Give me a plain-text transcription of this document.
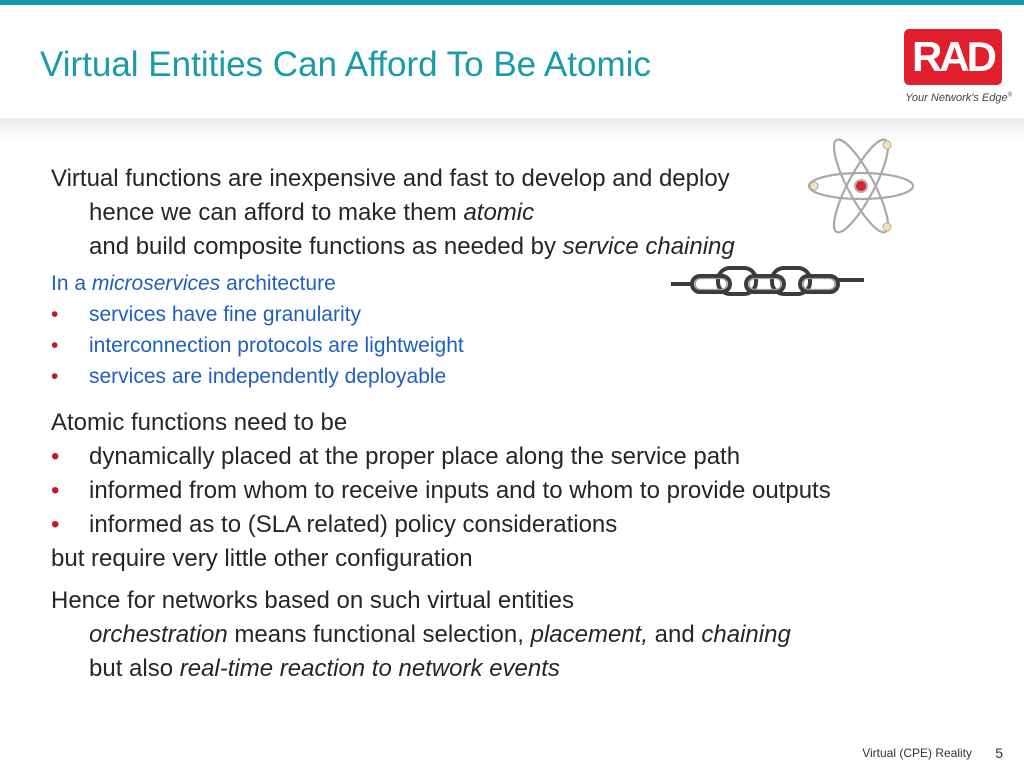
Virtual Entities Can Afford To Be Atomic	RAD
Your Network's Edge®

Virtual functions are inexpensive and fast to develop and deploy

hence we can afford to make them atomic

and build composite functions as needed by service chaining

In a microservices architecture

•	services have fine granularity

•	interconnection protocols are lightweight

•	services are independently deployable

Atomic functions need to be

•	dynamically placed at the proper place along the service path

•	informed from whom to receive inputs and to whom to provide outputs

•	informed as to (SLA related) policy considerations

but require very little other configuration

Hence for networks based on such virtual entities

orchestration means functional selection, placement, and chaining

but also real-time reaction to network events

Virtual (CPE) Reality 5
